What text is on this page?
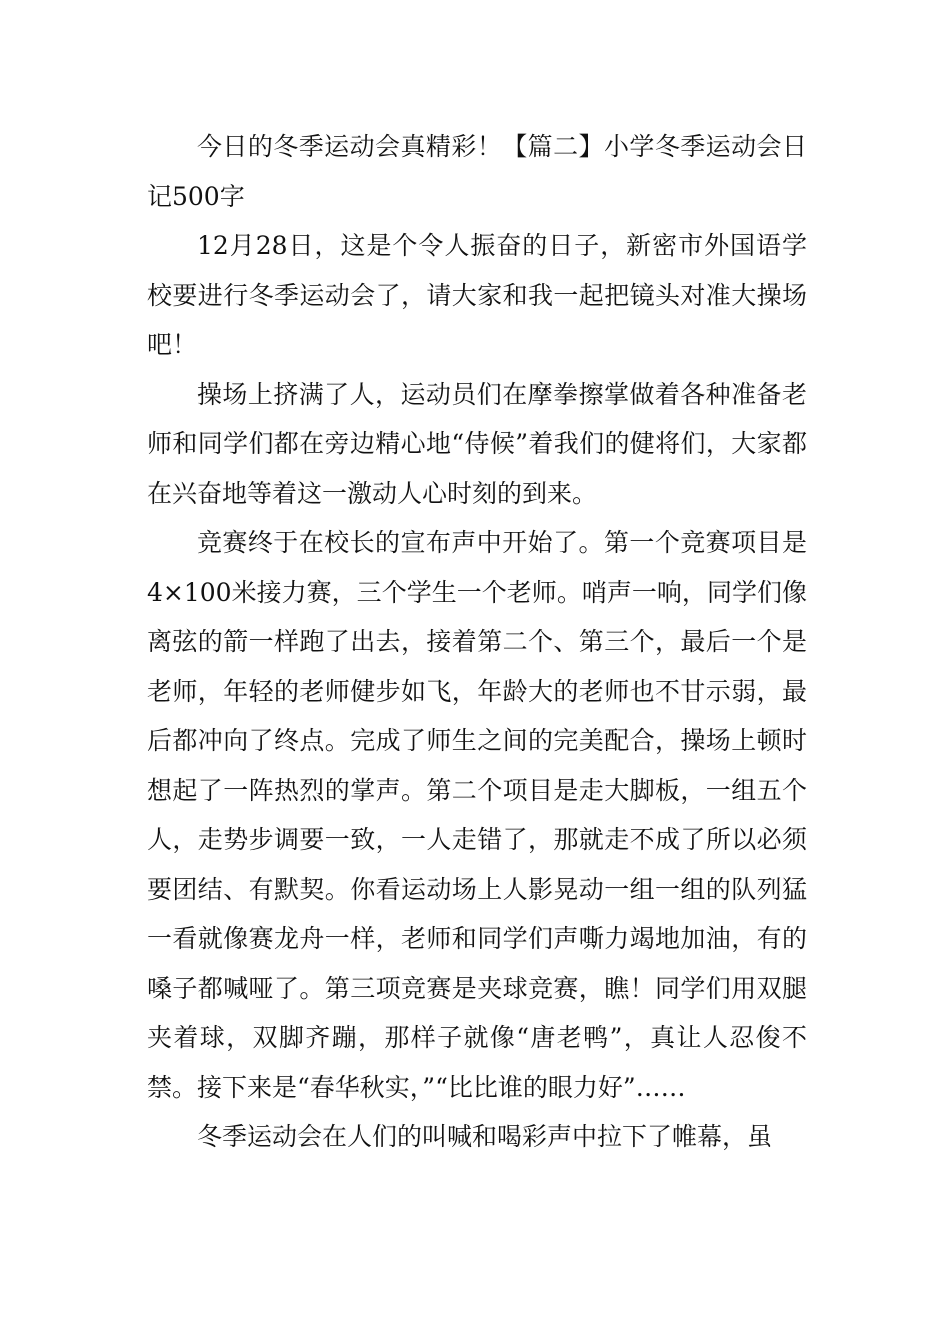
今日的冬季运动会真精彩！【篇二】小学冬季运动会日记500字

12月28日，这是个令人振奋的日子，新密市外国语学校要进行冬季运动会了，请大家和我一起把镜头对准大操场吧！

操场上挤满了人，运动员们在摩拳擦掌做着各种准备老师和同学们都在旁边精心地“侍候”着我们的健将们，大家都在兴奋地等着这一激动人心时刻的到来。

竞赛终于在校长的宣布声中开始了。第一个竞赛项目是4×100米接力赛，三个学生一个老师。哨声一响，同学们像离弦的箭一样跑了出去，接着第二个、第三个，最后一个是老师，年轻的老师健步如飞，年龄大的老师也不甘示弱，最后都冲向了终点。完成了师生之间的完美配合，操场上顿时想起了一阵热烈的掌声。第二个项目是走大脚板，一组五个人，走势步调要一致，一人走错了，那就走不成了所以必须要团结、有默契。你看运动场上人影晃动一组一组的队列猛一看就像赛龙舟一样，老师和同学们声嘶力竭地加油，有的嗓子都喊哑了。第三项竞赛是夹球竞赛，瞧！同学们用双腿夹着球，双脚齐蹦，那样子就像“唐老鸭”，真让人忍俊不禁。接下来是“春华秋实，”“比比谁的眼力好”……

冬季运动会在人们的叫喊和喝彩声中拉下了帷幕，虽
